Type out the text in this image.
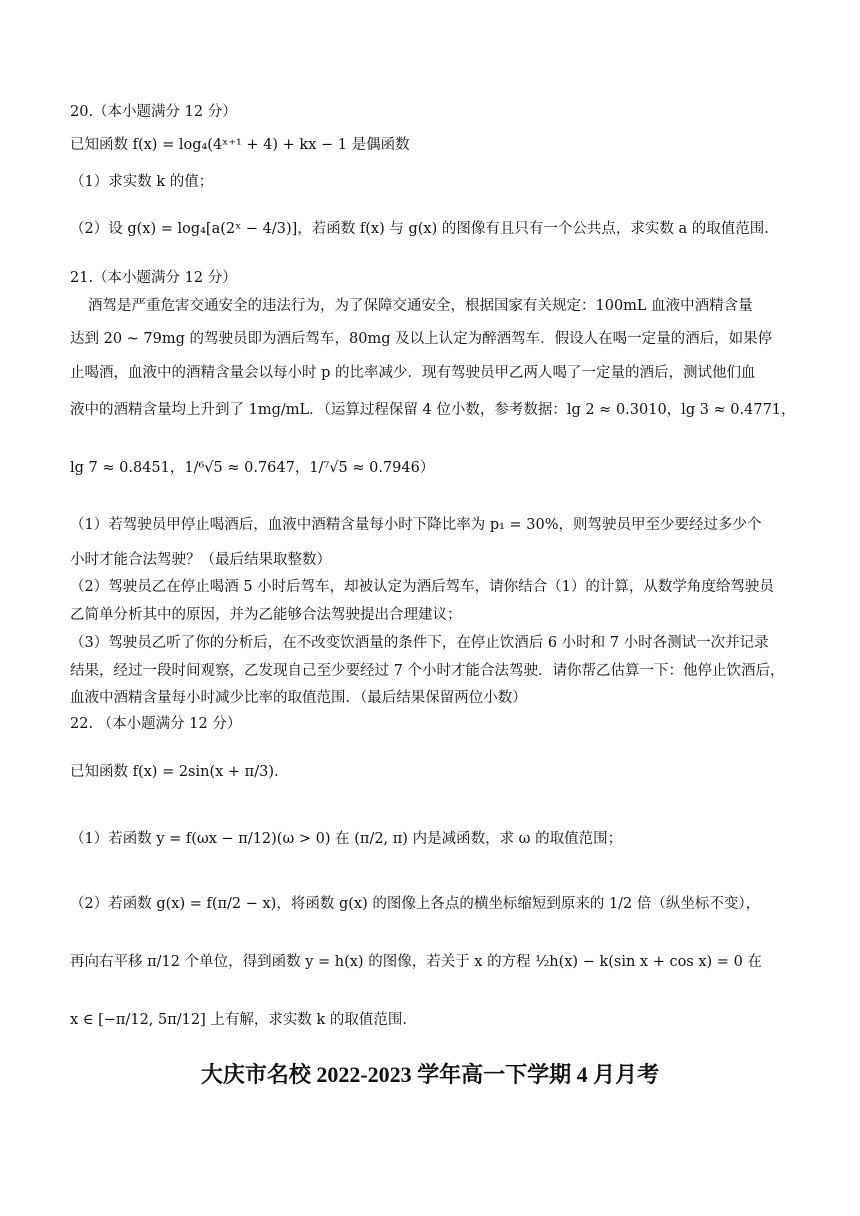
20.（本小题满分 12 分）
已知函数 f(x) = log₄(4ˣ⁺¹ + 4) + kx − 1 是偶函数
（1）求实数 k 的值；
（2）设 g(x) = log₄[a(2ˣ − 4/3)]，若函数 f(x) 与 g(x) 的图像有且只有一个公共点，求实数 a 的取值范围.
21.（本小题满分 12 分）
酒驾是严重危害交通安全的违法行为，为了保障交通安全，根据国家有关规定：100mL 血液中酒精含量
达到 20 ~ 79mg 的驾驶员即为酒后驾车，80mg 及以上认定为醉酒驾车．假设人在喝一定量的酒后，如果停
止喝酒，血液中的酒精含量会以每小时 p 的比率减少．现有驾驶员甲乙两人喝了一定量的酒后，测试他们血
液中的酒精含量均上升到了 1mg/mL．（运算过程保留 4 位小数，参考数据：lg 2 ≈ 0.3010，lg 3 ≈ 0.4771，
lg 7 ≈ 0.8451，1/⁶√5 ≈ 0.7647，1/⁷√5 ≈ 0.7946）
（1）若驾驶员甲停止喝酒后，血液中酒精含量每小时下降比率为 p₁ = 30%，则驾驶员甲至少要经过多少个
小时才能合法驾驶？（最后结果取整数）
（2）驾驶员乙在停止喝酒 5 小时后驾车，却被认定为酒后驾车，请你结合（1）的计算，从数学角度给驾驶员
乙简单分析其中的原因，并为乙能够合法驾驶提出合理建议；
（3）驾驶员乙听了你的分析后，在不改变饮酒量的条件下，在停止饮酒后 6 小时和 7 小时各测试一次并记录
结果，经过一段时间观察，乙发现自己至少要经过 7 个小时才能合法驾驶．请你帮乙估算一下：他停止饮酒后，
血液中酒精含量每小时减少比率的取值范围．（最后结果保留两位小数）
22. （本小题满分 12 分）
已知函数 f(x) = 2sin(x + π/3).
（1）若函数 y = f(ωx − π/12)(ω > 0) 在 (π/2, π) 内是减函数，求 ω 的取值范围；
（2）若函数 g(x) = f(π/2 − x)，将函数 g(x) 的图像上各点的横坐标缩短到原来的 1/2 倍（纵坐标不变），
再向右平移 π/12 个单位，得到函数 y = h(x) 的图像，若关于 x 的方程 ½h(x) − k(sin x + cos x) = 0 在
x ∈ [−π/12, 5π/12] 上有解，求实数 k 的取值范围.
大庆市名校 2022-2023 学年高一下学期 4 月月考
